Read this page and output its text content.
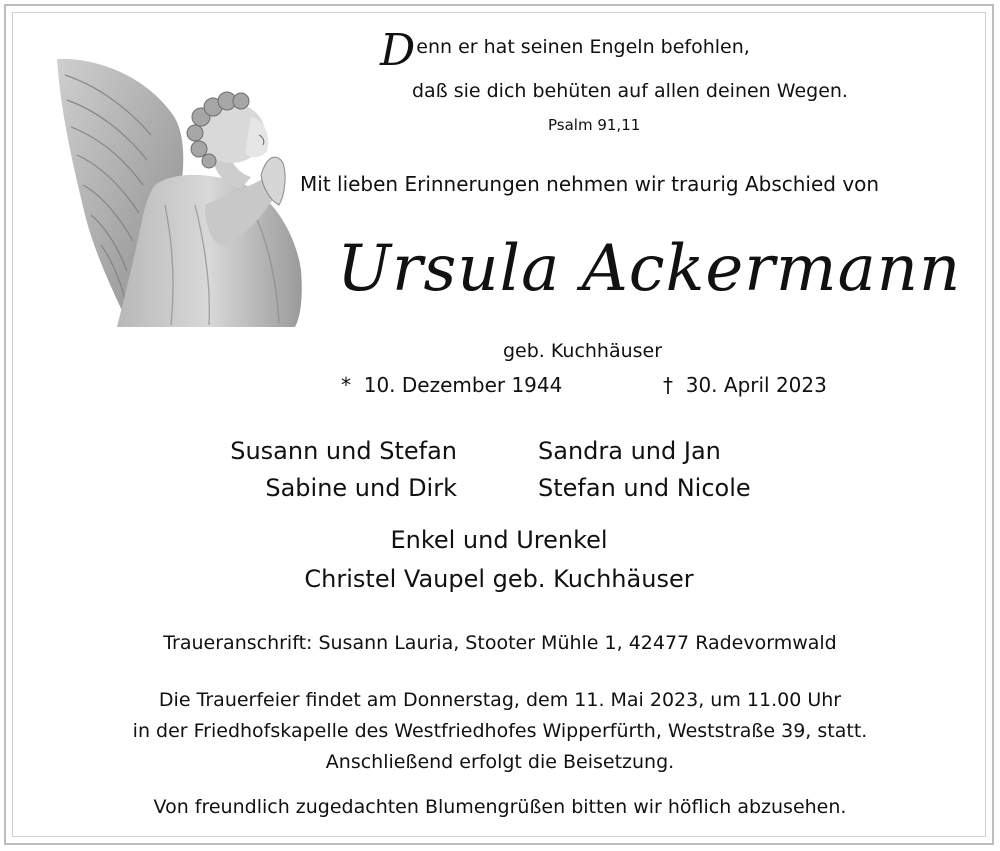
Denn er hat seinen Engeln befohlen,
daß sie dich behüten auf allen deinen Wegen.
Psalm 91,11
Mit lieben Erinnerungen nehmen wir traurig Abschied von
Ursula Ackermann
geb. Kuchhäuser
* 10. Dezember 1944	† 30. April 2023
Susann und Stefan
Sabine und Dirk
Sandra und Jan
Stefan und Nicole
Enkel und Urenkel
Christel Vaupel geb. Kuchhäuser
Traueranschrift: Susann Lauria, Stooter Mühle 1, 42477 Radevormwald
Die Trauerfeier findet am Donnerstag, dem 11. Mai 2023, um 11.00 Uhr
in der Friedhofskapelle des Westfriedhofes Wipperfürth, Weststraße 39, statt.
Anschließend erfolgt die Beisetzung.
Von freundlich zugedachten Blumengrüßen bitten wir höflich abzusehen.
